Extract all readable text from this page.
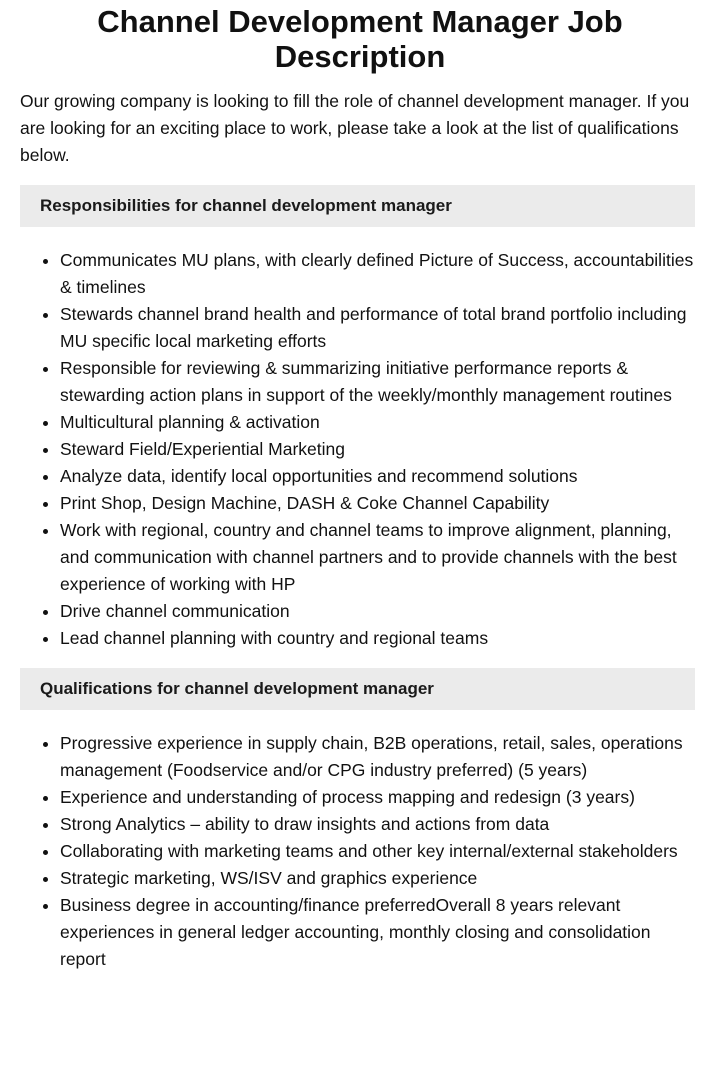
Channel Development Manager Job Description

Our growing company is looking to fill the role of channel development manager. If you are looking for an exciting place to work, please take a look at the list of qualifications below.

Responsibilities for channel development manager
• Communicates MU plans, with clearly defined Picture of Success, accountabilities & timelines
• Stewards channel brand health and performance of total brand portfolio including MU specific local marketing efforts
• Responsible for reviewing & summarizing initiative performance reports & stewarding action plans in support of the weekly/monthly management routines
• Multicultural planning & activation
• Steward Field/Experiential Marketing
• Analyze data, identify local opportunities and recommend solutions
• Print Shop, Design Machine, DASH & Coke Channel Capability
• Work with regional, country and channel teams to improve alignment, planning, and communication with channel partners and to provide channels with the best experience of working with HP
• Drive channel communication
• Lead channel planning with country and regional teams
Qualifications for channel development manager
• Progressive experience in supply chain, B2B operations, retail, sales, operations management (Foodservice and/or CPG industry preferred) (5 years)
• Experience and understanding of process mapping and redesign (3 years)
• Strong Analytics – ability to draw insights and actions from data
• Collaborating with marketing teams and other key internal/external stakeholders
• Strategic marketing, WS/ISV and graphics experience
• Business degree in accounting/finance preferredOverall 8 years relevant experiences in general ledger accounting, monthly closing and consolidation report
